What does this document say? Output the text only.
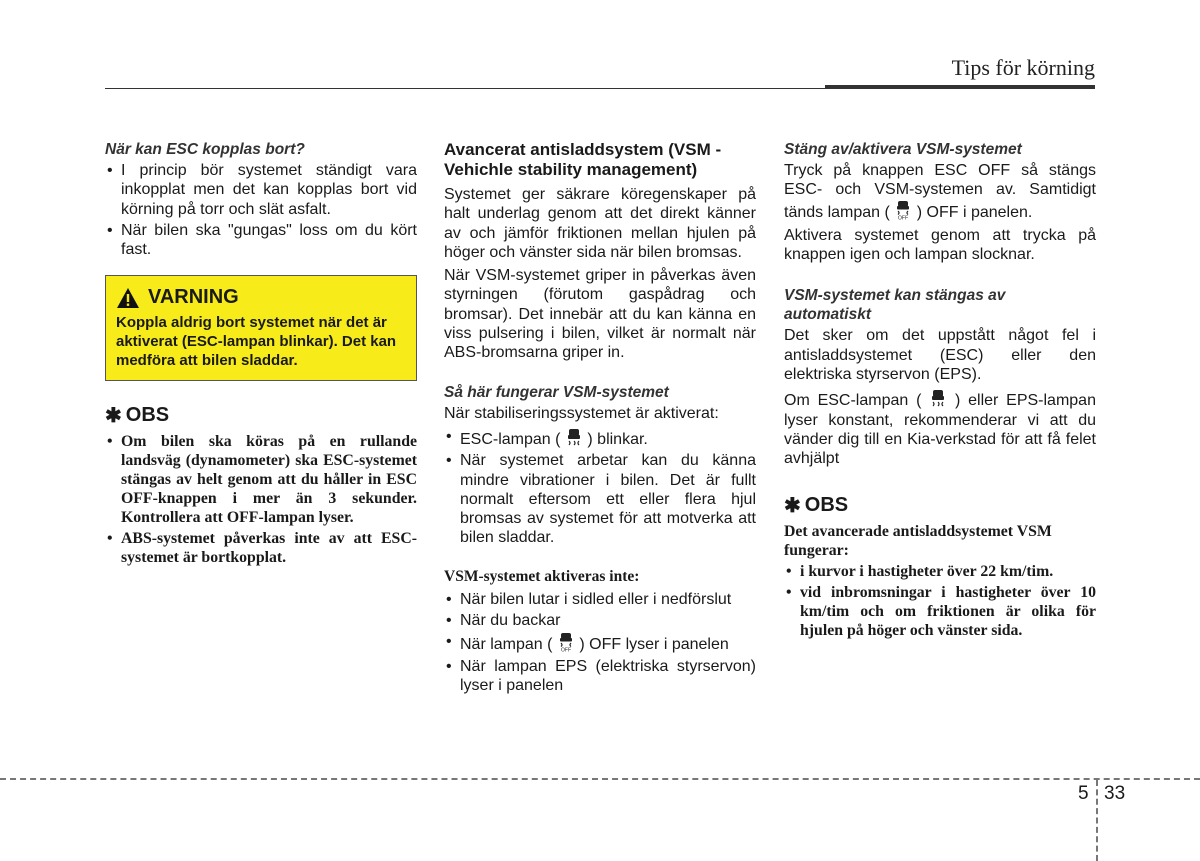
Tips för körning
När kan ESC kopplas bort?
• I princip bör systemet ständigt vara inkopplat men det kan kopplas bort vid körning på torr och slät asfalt.
• När bilen ska "gungas" loss om du kört fast.
VARNING
Koppla aldrig bort systemet när det är aktiverat (ESC-lampan blinkar). Det kan medföra att bilen sladdar.
✱ OBS
• Om bilen ska köras på en rullande landsväg (dynamometer) ska ESC-systemet stängas av helt genom att du håller in ESC OFF-knappen i mer än 3 sekunder. Kontrollera att OFF-lampan lyser.
• ABS-systemet påverkas inte av att ESC-systemet är bortkopplat.
Avancerat antisladdsystem (VSM - Vehichle stability management)
Systemet ger säkrare köregenskaper på halt underlag genom att det direkt känner av och jämför friktionen mellan hjulen på höger och vänster sida när bilen bromsas.
När VSM-systemet griper in påverkas även styrningen (förutom gaspådrag och bromsar). Det innebär att du kan känna en viss pulsering i bilen, vilket är normalt när ABS-bromsarna griper in.
Så här fungerar VSM-systemet
När stabiliseringssystemet är aktiverat:
• ESC-lampan ( ) blinkar.
• När systemet arbetar kan du känna mindre vibrationer i bilen. Det är fullt normalt eftersom ett eller flera hjul bromsas av systemet för att motverka att bilen sladdar.
VSM-systemet aktiveras inte:
• När bilen lutar i sidled eller i nedförslut
• När du backar
• När lampan ( OFF ) OFF lyser i panelen
• När lampan EPS (elektriska styrservon) lyser i panelen
Stäng av/aktivera VSM-systemet
Tryck på knappen ESC OFF så stängs ESC- och VSM-systemen av. Samtidigt tänds lampan ( OFF ) OFF i panelen.
Aktivera systemet genom att trycka på knappen igen och lampan slocknar.
VSM-systemet kan stängas av automatiskt
Det sker om det uppstått något fel i antisladdsystemet (ESC) eller den elektriska styrservon (EPS).
Om ESC-lampan ( ) eller EPS-lampan lyser konstant, rekommenderar vi att du vänder dig till en Kia-verkstad för att få felet avhjälpt
✱ OBS
Det avancerade antisladdsystemet VSM fungerar:
• i kurvor i hastigheter över 22 km/tim.
• vid inbromsningar i hastigheter över 10 km/tim och om friktionen är olika för hjulen på höger och vänster sida.
5 33
